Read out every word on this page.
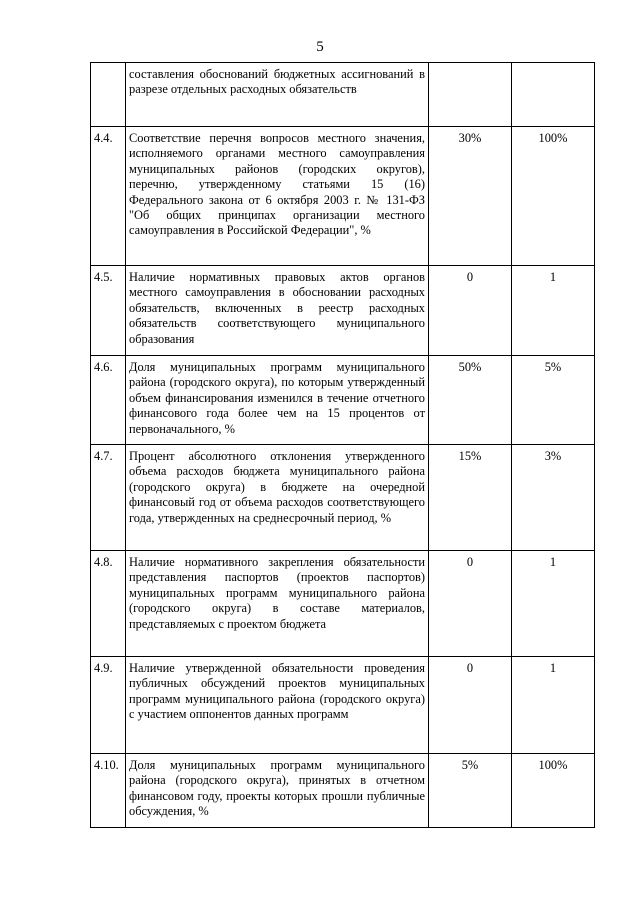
5
	составления обоснований бюджетных ассигнований в разрезе отдельных расходных обязательств		
4.4.	Соответствие перечня вопросов местного значения, исполняемого органами местного самоуправления муниципальных районов (городских округов), перечню, утвержденному статьями 15 (16) Федерального закона от 6 октября 2003 г. № 131-ФЗ "Об общих принципах организации местного самоуправления в Российской Федерации", %	30%	100%
4.5.	Наличие нормативных правовых актов органов местного самоуправления в обосновании расходных обязательств, включенных в реестр расходных обязательств соответствующего муниципального образования	0	1
4.6.	Доля муниципальных программ муниципального района (городского округа), по которым утвержденный объем финансирования изменился в течение отчетного финансового года более чем на 15 процентов от первоначального, %	50%	5%
4.7.	Процент абсолютного отклонения утвержденного объема расходов бюджета муниципального района (городского округа) в бюджете на очередной финансовый год от объема расходов соответствующего года, утвержденных на среднесрочный период, %	15%	3%
4.8.	Наличие нормативного закрепления обязательности представления паспортов (проектов паспортов) муниципальных программ муниципального района (городского округа) в составе материалов, представляемых с проектом бюджета	0	1
4.9.	Наличие утвержденной обязательности проведения публичных обсуждений проектов муниципальных программ муниципального района (городского округа) с участием оппонентов данных программ	0	1
4.10.	Доля муниципальных программ муниципального района (городского округа), принятых в отчетном финансовом году, проекты которых прошли публичные обсуждения, %	5%	100%
